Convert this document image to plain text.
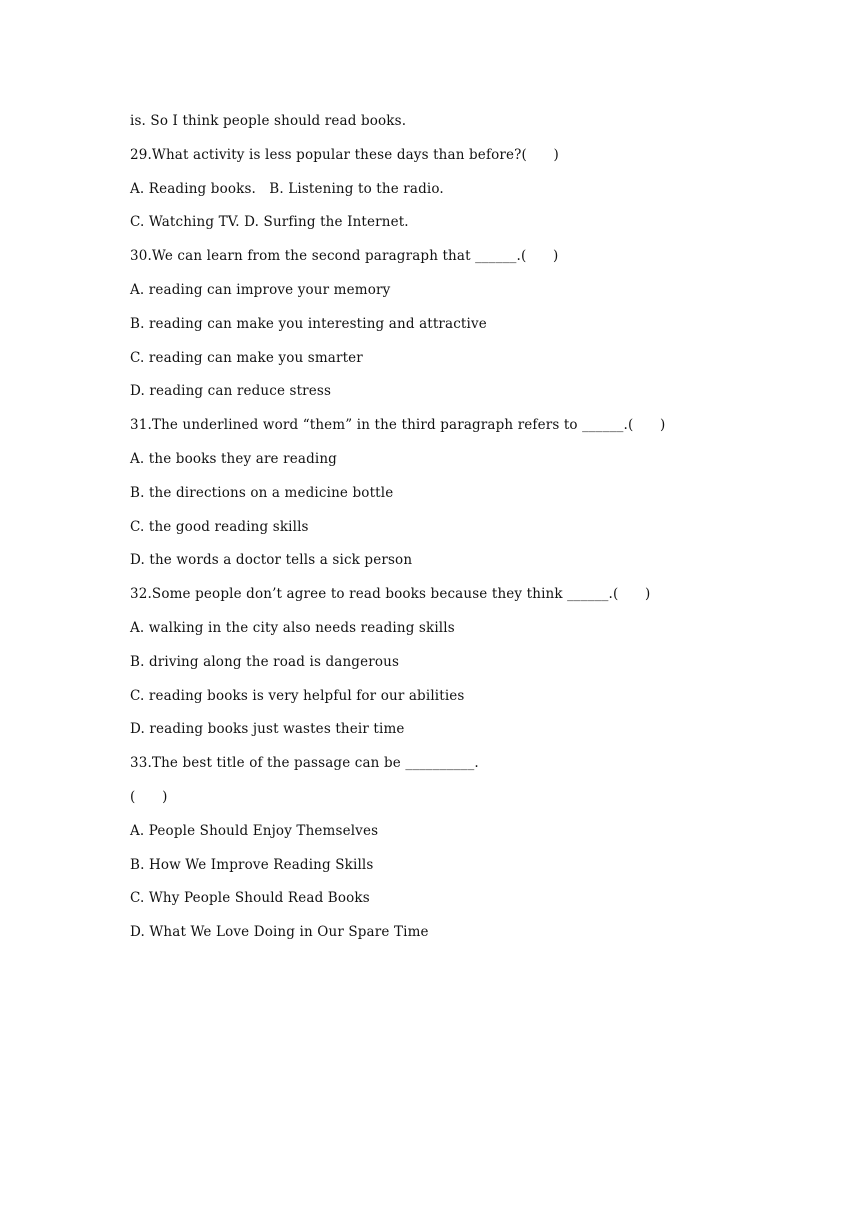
is. So I think people should read books.
29.What activity is less popular these days than before?(      )
A. Reading books.   B. Listening to the radio.
C. Watching TV. D. Surfing the Internet.
30.We can learn from the second paragraph that ______.(      )
A. reading can improve your memory
B. reading can make you interesting and attractive
C. reading can make you smarter
D. reading can reduce stress
31.The underlined word “them” in the third paragraph refers to ______.(      )
A. the books they are reading
B. the directions on a medicine bottle
C. the good reading skills
D. the words a doctor tells a sick person
32.Some people don’t agree to read books because they think ______.(      )
A. walking in the city also needs reading skills
B. driving along the road is dangerous
C. reading books is very helpful for our abilities
D. reading books just wastes their time
33.The best title of the passage can be __________.
(      )
A. People Should Enjoy Themselves
B. How We Improve Reading Skills
C. Why People Should Read Books
D. What We Love Doing in Our Spare Time
